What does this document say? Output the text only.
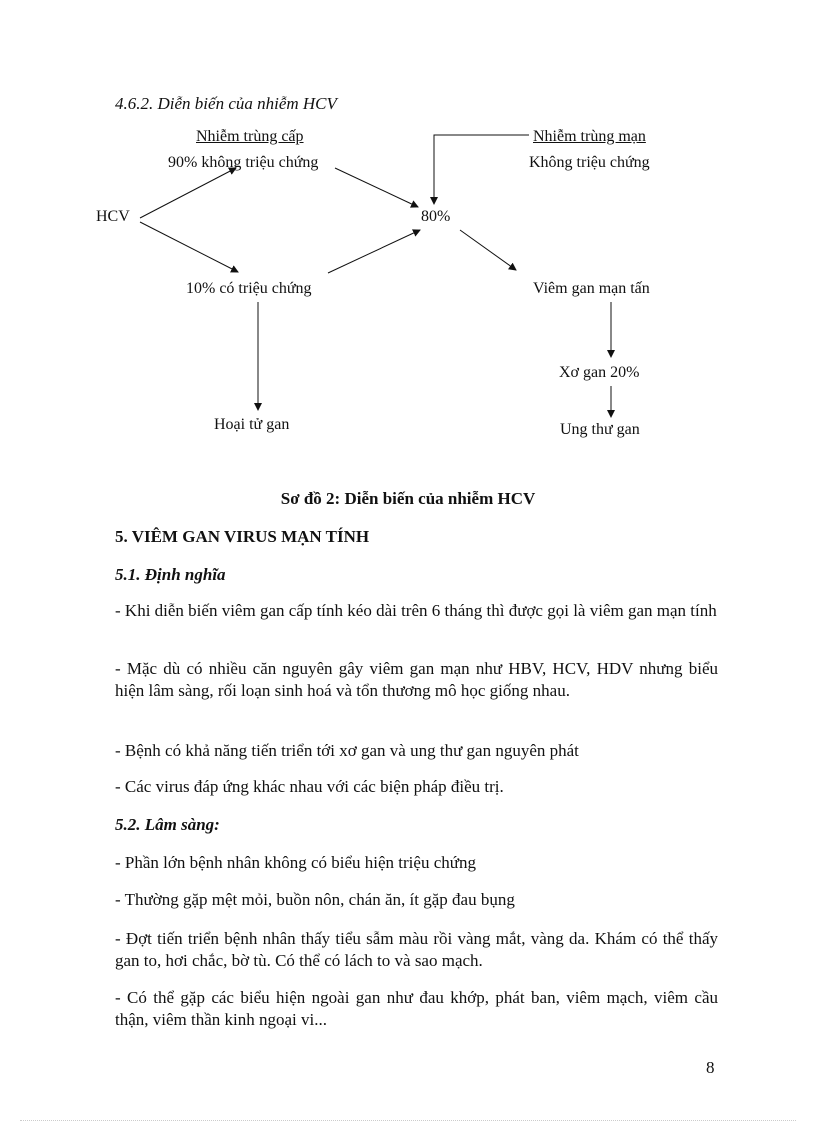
4.6.2. Diễn biến của nhiễm HCV
Nhiễm trùng cấp
90% không triệu chứng
Nhiễm trùng mạn
Không triệu chứng
HCV	80%
10% có triệu chứng	Viêm gan mạn tấn
Xơ gan 20%
Hoại tử gan	Ung thư gan
Sơ đồ 2: Diễn biến của nhiễm HCV
5. VIÊM GAN VIRUS MẠN TÍNH
5.1. Định nghĩa

- Khi diễn biến viêm gan cấp tính kéo dài trên 6 tháng thì được gọi là viêm gan mạn tính

- Mặc dù có nhiều căn nguyên gây viêm gan mạn như HBV, HCV, HDV nhưng biểu hiện lâm sàng, rối loạn sinh hoá và tổn thương mô học giống nhau.

- Bệnh có khả năng tiến triển tới xơ gan và ung thư gan nguyên phát

- Các virus đáp ứng khác nhau với các biện pháp điều trị.

5.2. Lâm sàng:

- Phần lớn bệnh nhân không có biểu hiện triệu chứng

- Thường gặp mệt mỏi, buồn nôn, chán ăn, ít gặp đau bụng

- Đợt tiến triển bệnh nhân thấy tiểu sẫm màu rồi vàng mắt, vàng da. Khám có thể thấy gan to, hơi chắc, bờ tù. Có thể có lách to và sao mạch.

- Có thể gặp các biểu hiện ngoài gan như đau khớp, phát ban, viêm mạch, viêm cầu thận, viêm thần kinh ngoại vi...

8
